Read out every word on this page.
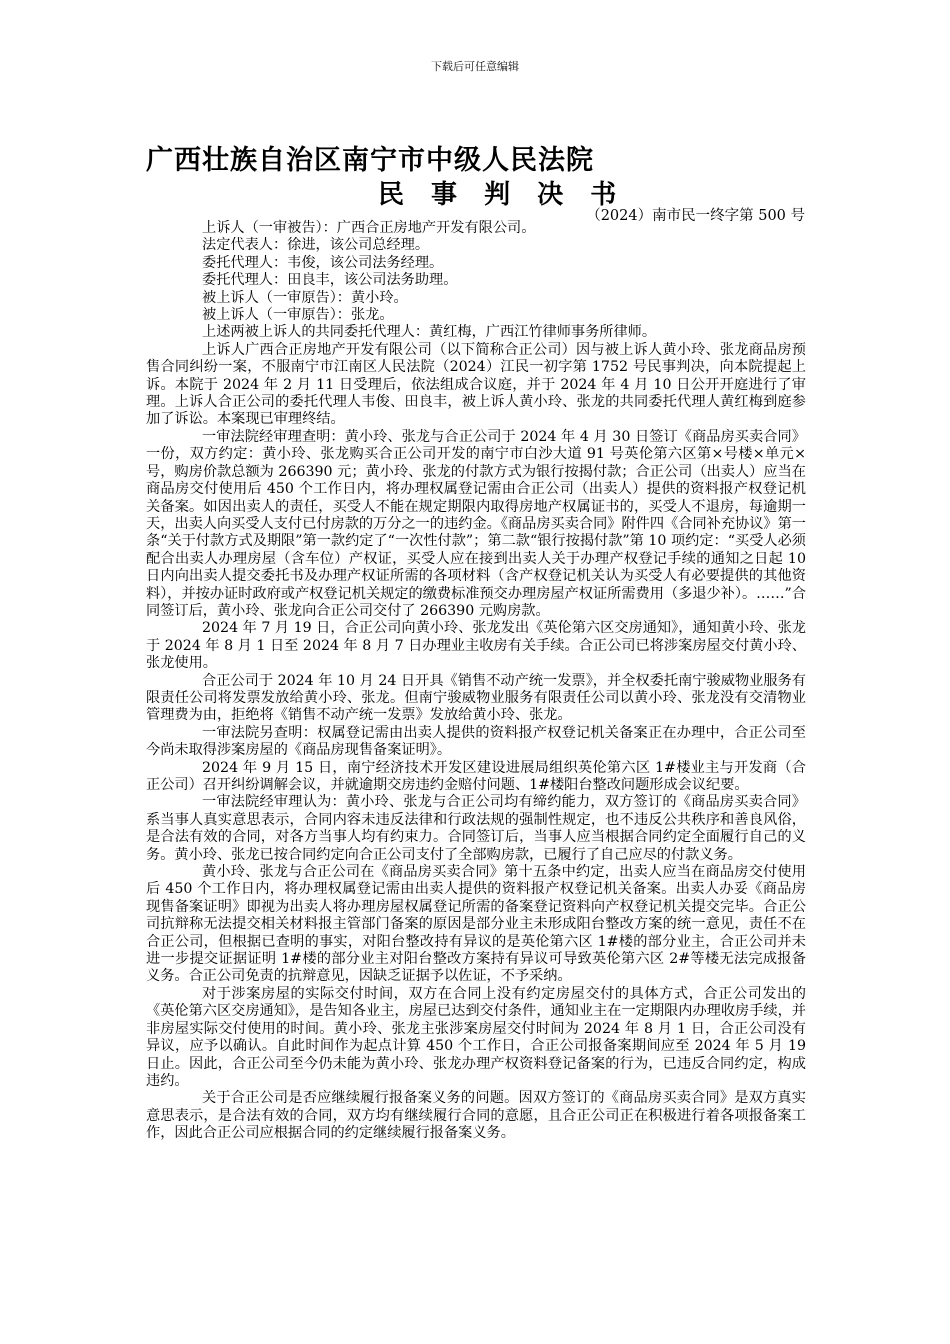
下载后可任意编辑
广西壮族自治区南宁市中级人民法院
民 事 判 决 书
（2024）南市民一终字第 500 号

上诉人（一审被告）：广西合正房地产开发有限公司。

法定代表人：徐进，该公司总经理。

委托代理人：韦俊，该公司法务经理。

委托代理人：田良丰，该公司法务助理。

被上诉人（一审原告）：黄小玲。

被上诉人（一审原告）：张龙。

上述两被上诉人的共同委托代理人：黄红梅，广西江竹律师事务所律师。

上诉人广西合正房地产开发有限公司（以下简称合正公司）因与被上诉人黄小玲、张龙商品房预售合同纠纷一案，不服南宁市江南区人民法院（2024）江民一初字第 1752 号民事判决，向本院提起上诉。本院于 2024 年 2 月 11 日受理后，依法组成合议庭，并于 2024 年 4 月 10 日公开开庭进行了审理。上诉人合正公司的委托代理人韦俊、田良丰，被上诉人黄小玲、张龙的共同委托代理人黄红梅到庭参加了诉讼。本案现已审理终结。

一审法院经审理查明：黄小玲、张龙与合正公司于 2024 年 4 月 30 日签订《商品房买卖合同》一份，双方约定：黄小玲、张龙购买合正公司开发的南宁市白沙大道 91 号英伦第六区第×号楼×单元×号，购房价款总额为 266390 元；黄小玲、张龙的付款方式为银行按揭付款；合正公司（出卖人）应当在商品房交付使用后 450 个工作日内，将办理权属登记需由合正公司（出卖人）提供的资料报产权登记机关备案。如因出卖人的责任，买受人不能在规定期限内取得房地产权属证书的，买受人不退房，每逾期一天，出卖人向买受人支付已付房款的万分之一的违约金。《商品房买卖合同》附件四《合同补充协议》第一条“关于付款方式及期限”第一款约定了“一次性付款”；第二款“银行按揭付款”第 10 项约定：“买受人必须配合出卖人办理房屋（含车位）产权证，买受人应在接到出卖人关于办理产权登记手续的通知之日起 10 日内向出卖人提交委托书及办理产权证所需的各项材料（含产权登记机关认为买受人有必要提供的其他资料），并按办证时政府或产权登记机关规定的缴费标准预交办理房屋产权证所需费用（多退少补）。……”合同签订后，黄小玲、张龙向合正公司交付了 266390 元购房款。

2024 年 7 月 19 日，合正公司向黄小玲、张龙发出《英伦第六区交房通知》，通知黄小玲、张龙于 2024 年 8 月 1 日至 2024 年 8 月 7 日办理业主收房有关手续。合正公司已将涉案房屋交付黄小玲、张龙使用。

合正公司于 2024 年 10 月 24 日开具《销售不动产统一发票》，并全权委托南宁骏威物业服务有限责任公司将发票发放给黄小玲、张龙。但南宁骏威物业服务有限责任公司以黄小玲、张龙没有交清物业管理费为由，拒绝将《销售不动产统一发票》发放给黄小玲、张龙。

一审法院另查明：权属登记需由出卖人提供的资料报产权登记机关备案正在办理中，合正公司至今尚未取得涉案房屋的《商品房现售备案证明》。

2024 年 9 月 15 日，南宁经济技术开发区建设进展局组织英伦第六区 1#楼业主与开发商（合正公司）召开纠纷调解会议，并就逾期交房违约金赔付问题、1#楼阳台整改问题形成会议纪要。

一审法院经审理认为：黄小玲、张龙与合正公司均有缔约能力，双方签订的《商品房买卖合同》系当事人真实意思表示，合同内容未违反法律和行政法规的强制性规定，也不违反公共秩序和善良风俗，是合法有效的合同，对各方当事人均有约束力。合同签订后，当事人应当根据合同约定全面履行自己的义务。黄小玲、张龙已按合同约定向合正公司支付了全部购房款，已履行了自己应尽的付款义务。

黄小玲、张龙与合正公司在《商品房买卖合同》第十五条中约定，出卖人应当在商品房交付使用后 450 个工作日内，将办理权属登记需由出卖人提供的资料报产权登记机关备案。出卖人办妥《商品房现售备案证明》即视为出卖人将办理房屋权属登记所需的备案登记资料向产权登记机关提交完毕。合正公司抗辩称无法提交相关材料报主管部门备案的原因是部分业主未形成阳台整改方案的统一意见，责任不在合正公司，但根据已查明的事实，对阳台整改持有异议的是英伦第六区 1#楼的部分业主，合正公司并未进一步提交证据证明 1#楼的部分业主对阳台整改方案持有异议可导致英伦第六区 2#等楼无法完成报备义务。合正公司免责的抗辩意见，因缺乏证据予以佐证，不予采纳。

对于涉案房屋的实际交付时间，双方在合同上没有约定房屋交付的具体方式，合正公司发出的《英伦第六区交房通知》，是告知各业主，房屋已达到交付条件，通知业主在一定期限内办理收房手续，并非房屋实际交付使用的时间。黄小玲、张龙主张涉案房屋交付时间为 2024 年 8 月 1 日，合正公司没有异议，应予以确认。自此时间作为起点计算 450 个工作日，合正公司报备案期间应至 2024 年 5 月 19 日止。因此，合正公司至今仍未能为黄小玲、张龙办理产权资料登记备案的行为，已违反合同约定，构成违约。

关于合正公司是否应继续履行报备案义务的问题。因双方签订的《商品房买卖合同》是双方真实意思表示，是合法有效的合同，双方均有继续履行合同的意愿，且合正公司正在积极进行着各项报备案工作，因此合正公司应根据合同的约定继续履行报备案义务。
